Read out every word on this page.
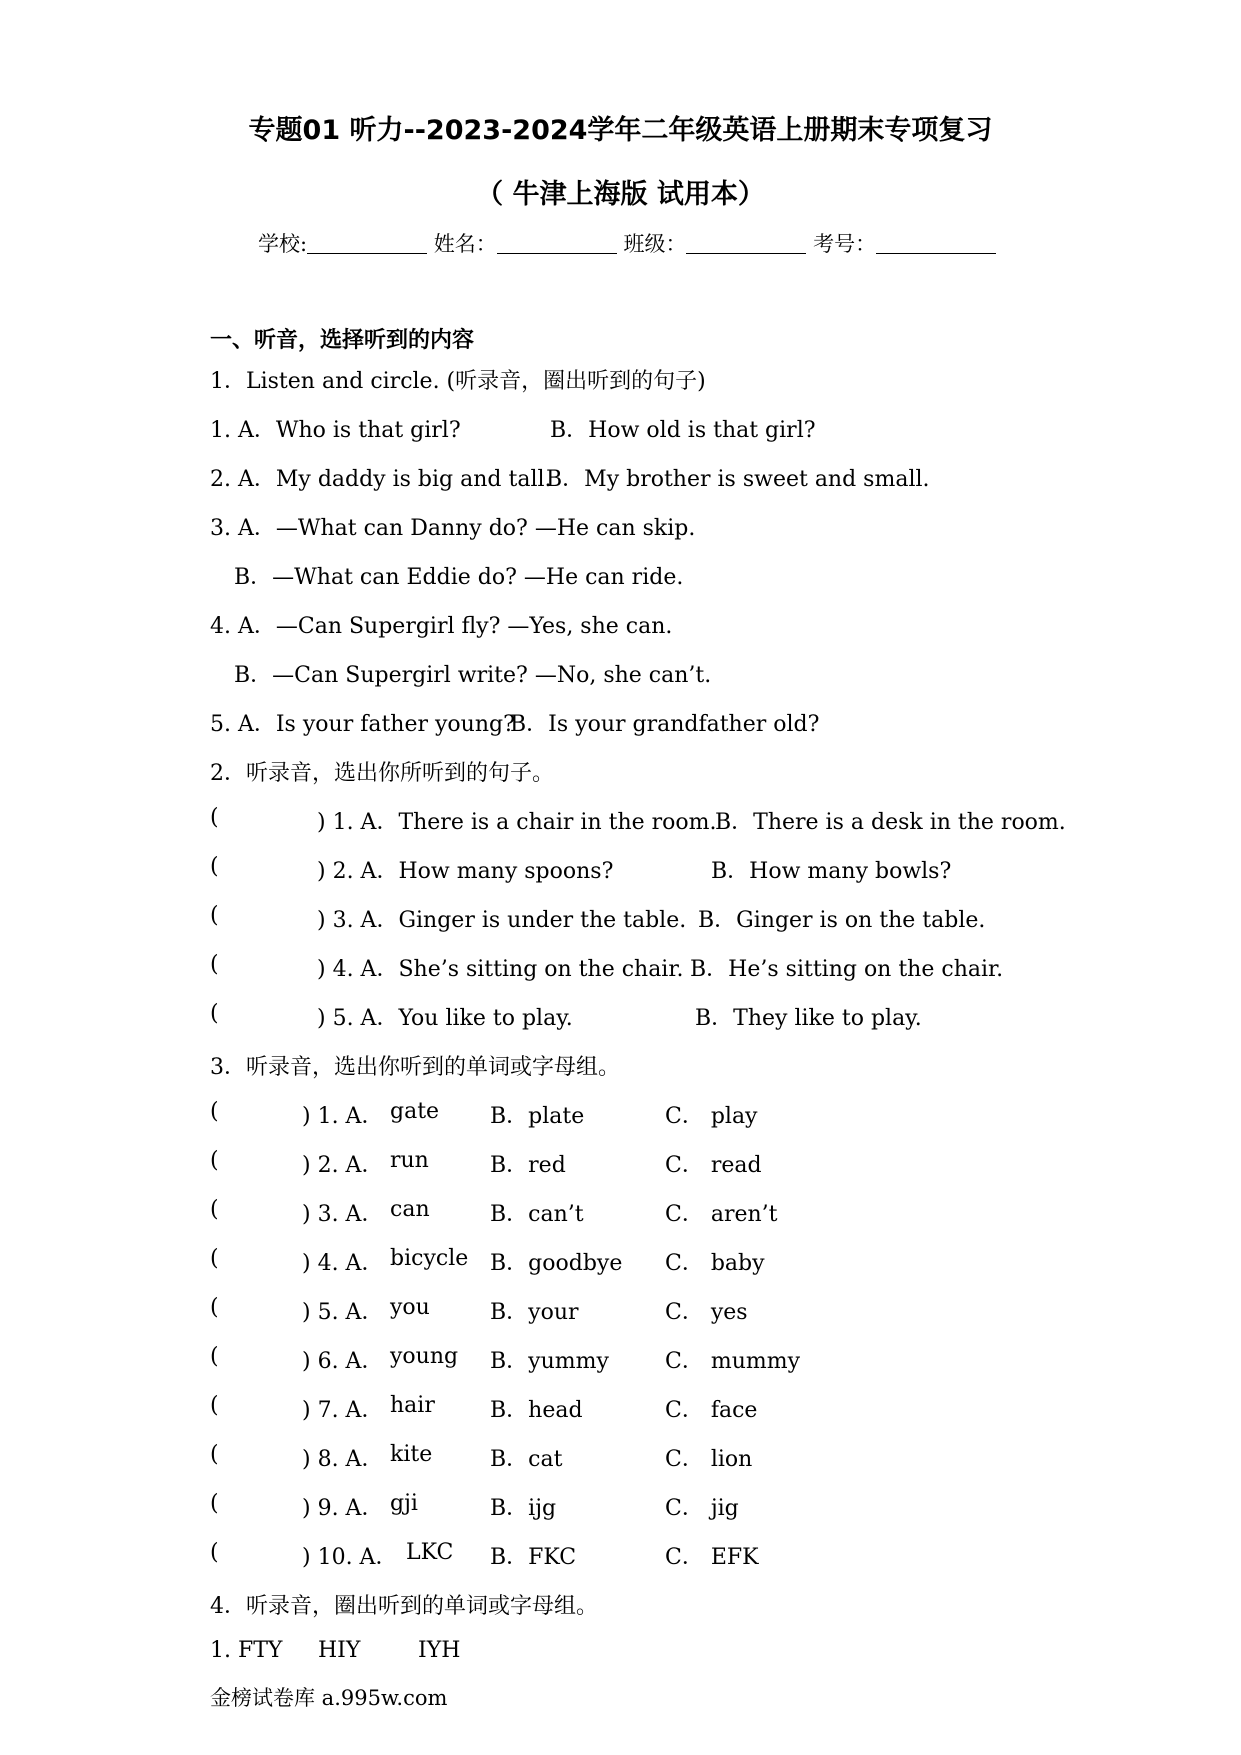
专题01 听力--2023-2024学年二年级英语上册期末专项复习
（ 牛津上海版 试用本）
学校:	姓名：	班级：	考号：
一、听音，选择听到的内容
1．Listen and circle. (听录音，圈出听到的句子)
1. A．Who is that girl?	B．How old is that girl?
2. A．My daddy is big and tall.
B．My brother is sweet and small.
3. A．—What can Danny do? —He can skip.
B．—What can Eddie do? —He can ride.
4. A．—Can Supergirl fly? —Yes, she can.
B．—Can Supergirl write? —No, she can’t.
5. A．Is your father young?
B．Is your grandfather old?
2．听录音，选出你所听到的句子。
(	) 1. A．There is a chair in the room.
B．There is a desk in the room.
(	) 2. A．How many spoons?	B．How many bowls?
(	) 3. A．Ginger is under the table. B．Ginger is on the table.
(	) 4. A．She’s sitting on the chair. B．He’s sitting on the chair.
(	) 5. A．You like to play.	B．They like to play.
3．听录音，选出你听到的单词或字母组。
(	) 1. A． gate B．plate	C． play
(	) 2. A． run	B．red	C． read
(	) 3. A． can	B．can’t	C． aren’t
(	) 4. A． bicycle B．goodbye C． baby
(	) 5. A． you	B．your	C． yes
(	) 6. A． young B．yummy	C． mummy
(	) 7. A． hair	B．head	C． face
(	) 8. A． kite	B．cat	C． lion
(	) 9. A． gji	B．ijg	C． jig
(	) 10. A． LKC B．FKC	C． EFK
4．听录音，圈出听到的单词或字母组。
1. FTY HIY	IYH
金榜试卷库 a.995w.com
